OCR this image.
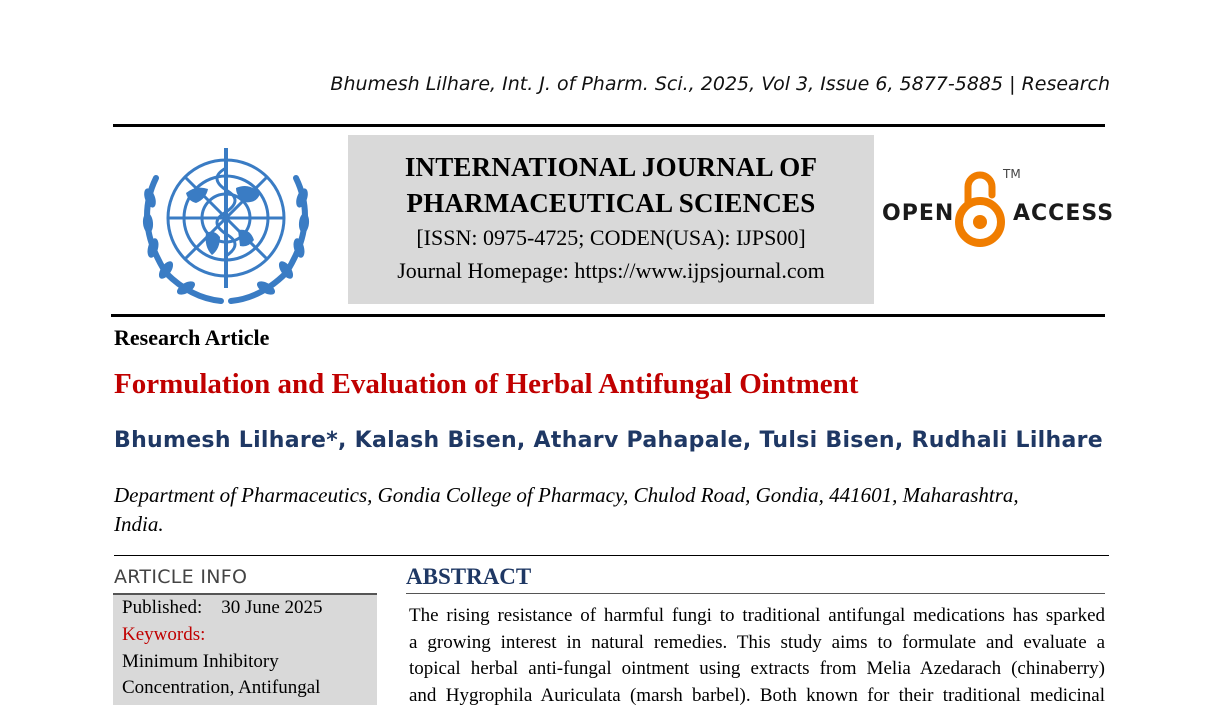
Bhumesh Lilhare, Int. J. of Pharm. Sci., 2025, Vol 3, Issue 6, 5877-5885 | Research
INTERNATIONAL JOURNAL OF
PHARMACEUTICAL SCIENCES
[ISSN: 0975-4725; CODEN(USA): IJPS00]
Journal Homepage: https://www.ijpsjournal.com
OPEN
TM
ACCESS
Research Article
Formulation and Evaluation of Herbal Antifungal Ointment
Bhumesh Lilhare*, Kalash Bisen, Atharv Pahapale, Tulsi Bisen, Rudhali Lilhare
Department of Pharmaceutics, Gondia College of Pharmacy, Chulod Road, Gondia, 441601, Maharashtra,
India.
ARTICLE INFO
Published: 30 June 2025
Keywords:
Minimum Inhibitory
Concentration, Antifungal
ABSTRACT
The rising resistance of harmful fungi to traditional antifungal medications has sparked
a growing interest in natural remedies. This study aims to formulate and evaluate a
topical herbal anti-fungal ointment using extracts from Melia Azedarach (chinaberry)
and Hygrophila Auriculata (marsh barbel). Both known for their traditional medicinal
